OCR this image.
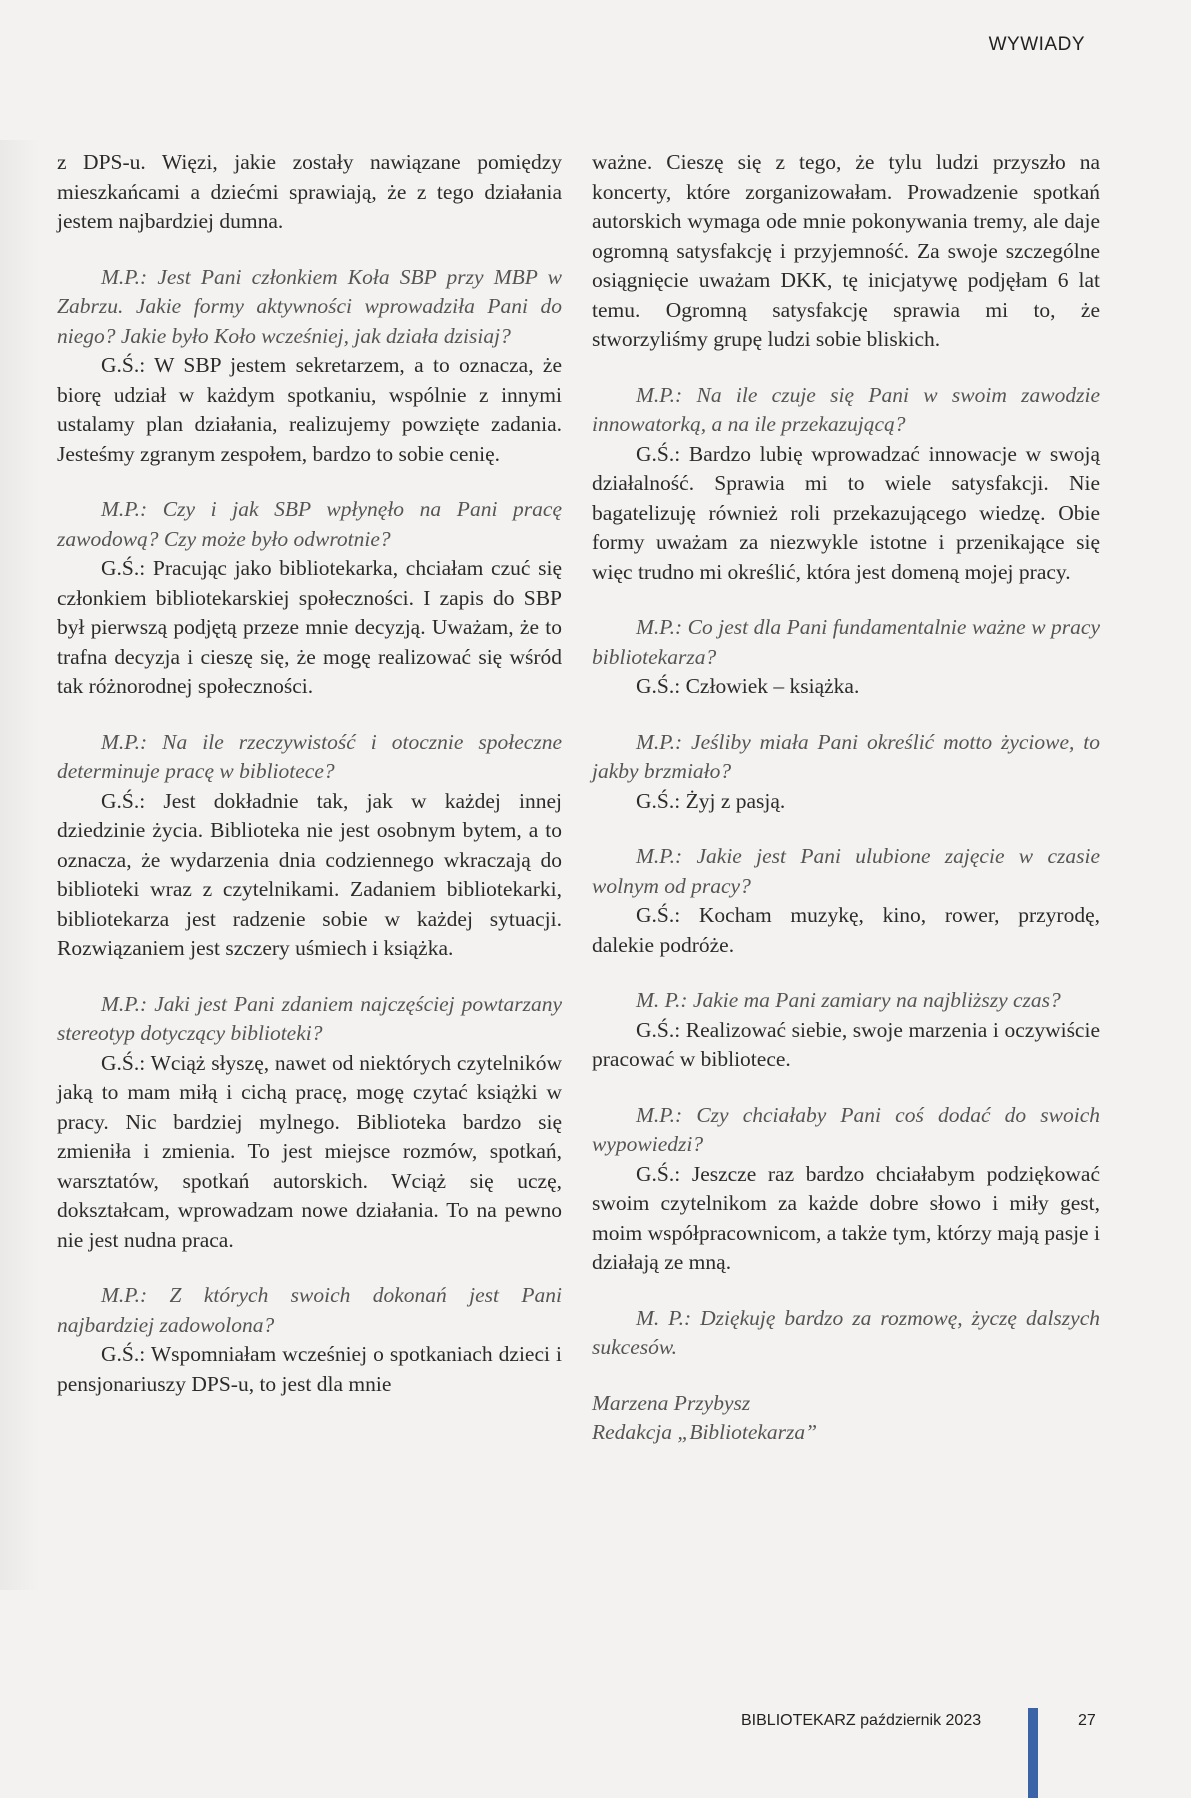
WYWIADY

z DPS-u. Więzi, jakie zostały nawiązane pomiędzy mieszkańcami a dziećmi sprawiają, że z tego działania jestem najbardziej dumna.

M.P.: Jest Pani członkiem Koła SBP przy MBP w Zabrzu. Jakie formy aktywności wprowadziła Pani do niego? Jakie było Koło wcześniej, jak działa dzisiaj?

G.Ś.: W SBP jestem sekretarzem, a to oznacza, że biorę udział w każdym spotkaniu, wspólnie z innymi ustalamy plan działania, realizujemy powzięte zadania. Jesteśmy zgranym zespołem, bardzo to sobie cenię.

M.P.: Czy i jak SBP wpłynęło na Pani pracę zawodową? Czy może było odwrotnie?

G.Ś.: Pracując jako bibliotekarka, chciałam czuć się członkiem bibliotekarskiej społeczności. I zapis do SBP był pierwszą podjętą przeze mnie decyzją. Uważam, że to trafna decyzja i cieszę się, że mogę realizować się wśród tak różnorodnej społeczności.

M.P.: Na ile rzeczywistość i otocznie społeczne determinuje pracę w bibliotece?

G.Ś.: Jest dokładnie tak, jak w każdej innej dziedzinie życia. Biblioteka nie jest osobnym bytem, a to oznacza, że wydarzenia dnia codziennego wkraczają do biblioteki wraz z czytelnikami. Zadaniem bibliotekarki, bibliotekarza jest radzenie sobie w każdej sytuacji. Rozwiązaniem jest szczery uśmiech i książka.

M.P.: Jaki jest Pani zdaniem najczęściej powtarzany stereotyp dotyczący biblioteki?

G.Ś.: Wciąż słyszę, nawet od niektórych czytelników jaką to mam miłą i cichą pracę, mogę czytać książki w pracy. Nic bardziej mylnego. Biblioteka bardzo się zmieniła i zmienia. To jest miejsce rozmów, spotkań, warsztatów, spotkań autorskich. Wciąż się uczę, dokształcam, wprowadzam nowe działania. To na pewno nie jest nudna praca.

M.P.: Z których swoich dokonań jest Pani najbardziej zadowolona?

G.Ś.: Wspomniałam wcześniej o spotkaniach dzieci i pensjonariuszy DPS-u, to jest dla mnie

ważne. Cieszę się z tego, że tylu ludzi przyszło na koncerty, które zorganizowałam. Prowadzenie spotkań autorskich wymaga ode mnie pokonywania tremy, ale daje ogromną satysfakcję i przyjemność. Za swoje szczególne osiągnięcie uważam DKK, tę inicjatywę podjęłam 6 lat temu. Ogromną satysfakcję sprawia mi to, że stworzyliśmy grupę ludzi sobie bliskich.

M.P.: Na ile czuje się Pani w swoim zawodzie innowatorką, a na ile przekazującą?

G.Ś.: Bardzo lubię wprowadzać innowacje w swoją działalność. Sprawia mi to wiele satysfakcji. Nie bagatelizuję również roli przekazującego wiedzę. Obie formy uważam za niezwykle istotne i przenikające się więc trudno mi określić, która jest domeną mojej pracy.

M.P.: Co jest dla Pani fundamentalnie ważne w pracy bibliotekarza?

G.Ś.: Człowiek – książka.

M.P.: Jeśliby miała Pani określić motto życiowe, to jakby brzmiało?

G.Ś.: Żyj z pasją.

M.P.: Jakie jest Pani ulubione zajęcie w czasie wolnym od pracy?

G.Ś.: Kocham muzykę, kino, rower, przyrodę, dalekie podróże.

M. P.: Jakie ma Pani zamiary na najbliższy czas?

G.Ś.: Realizować siebie, swoje marzenia i oczywiście pracować w bibliotece.

M.P.: Czy chciałaby Pani coś dodać do swoich wypowiedzi?

G.Ś.: Jeszcze raz bardzo chciałabym podziękować swoim czytelnikom za każde dobre słowo i miły gest, moim współpracownicom, a także tym, którzy mają pasje i działają ze mną.

M. P.: Dziękuję bardzo za rozmowę, życzę dalszych sukcesów.

Marzena Przybysz
Redakcja „Bibliotekarza”

BIBLIOTEKARZ październik 2023	27
